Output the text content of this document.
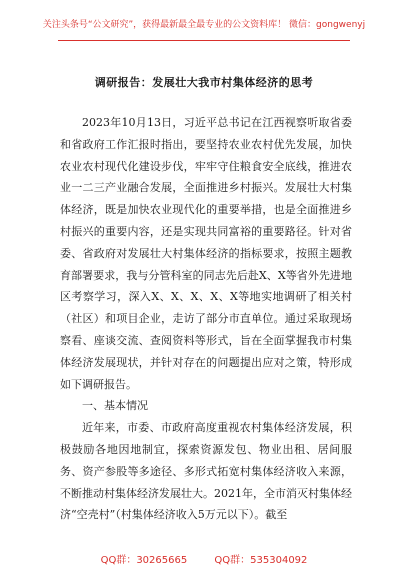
关注头条号“公文研究”，获得最新最全最专业的公文资料库！ 微信：gongwenyj
调研报告：发展壮大我市村集体经济的思考

2023年10月13日，习近平总书记在江西视察听取省委和省政府工作汇报时指出，要坚持农业农村优先发展，加快农业农村现代化建设步伐，牢牢守住粮食安全底线，推进农业一二三产业融合发展，全面推进乡村振兴。发展壮大村集体经济，既是加快农业现代化的重要举措，也是全面推进乡村振兴的重要内容，还是实现共同富裕的重要路径。针对省委、省政府对发展壮大村集体经济的指标要求，按照主题教育部署要求，我与分管科室的同志先后赴X、X等省外先进地区考察学习，深入X、X、X、X、X等地实地调研了相关村（社区）和项目企业，走访了部分市直单位。通过采取现场察看、座谈交流、查阅资料等形式，旨在全面掌握我市村集体经济发展现状，并针对存在的问题提出应对之策，特形成如下调研报告。

一、基本情况

近年来，市委、市政府高度重视农村集体经济发展，积极鼓励各地因地制宜，探索资源发包、物业出租、居间服务、资产参股等多途径、多形式拓宽村集体经济收入来源，不断推动村集体经济发展壮大。2021年，全市消灭村集体经济“空壳村”（村集体经济收入5万元以下）。截至

QQ群：30265665	QQ群：535304092
